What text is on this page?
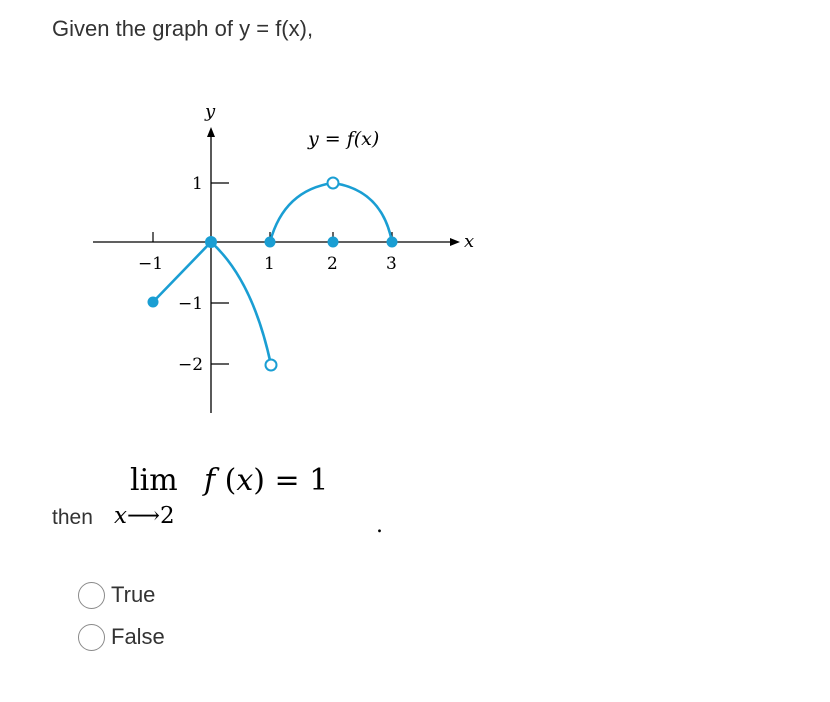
Given the graph of y = f(x),
−1	1	2	3
1
−1
−2
x
y
y = f(x)
then
lim
x⟶2
f (x) = 1
.
True
False
